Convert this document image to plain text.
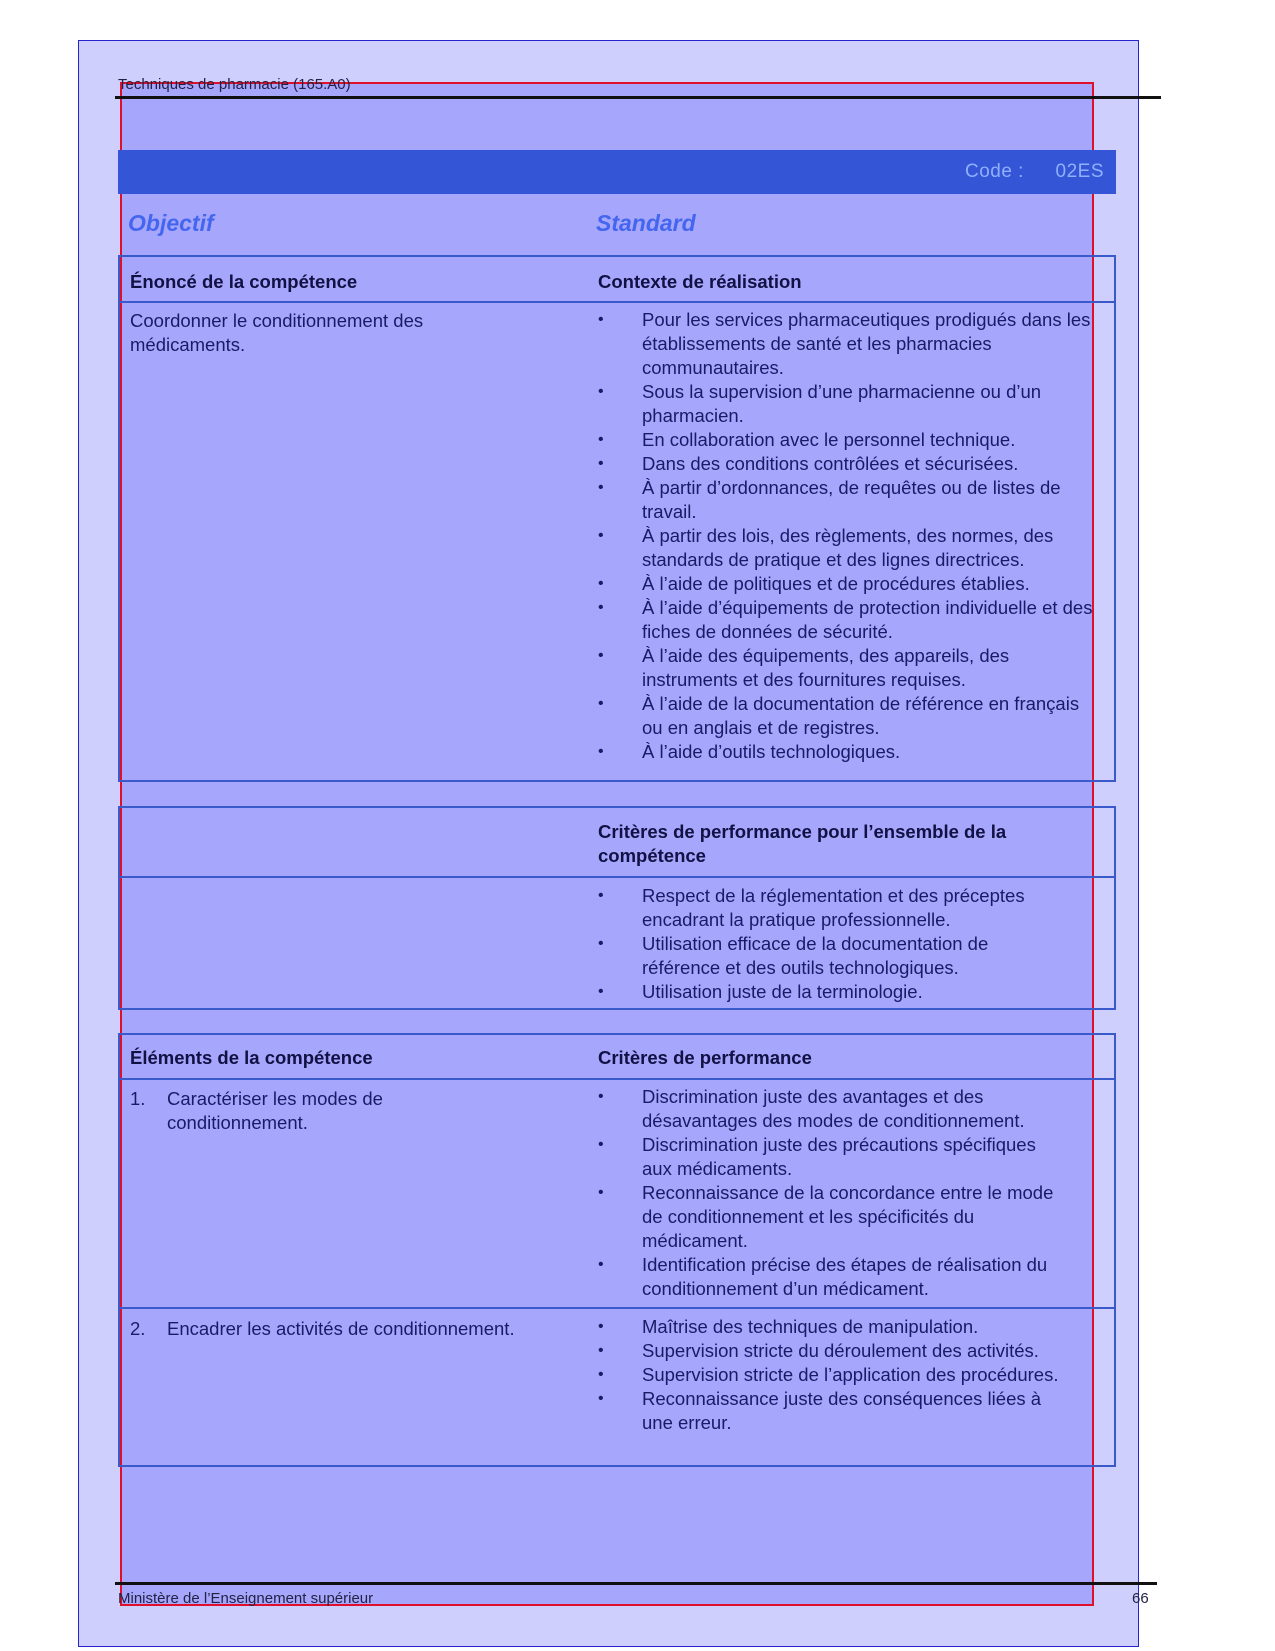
Techniques de pharmacie (165.A0)
Code : 02ES
Objectif	Standard
Énoncé de la compétence	Contexte de réalisation
Coordonner le conditionnement des
médicaments.
• Pour les services pharmaceutiques prodigués dans les établissements de santé et les pharmacies communautaires.
• Sous la supervision d’une pharmacienne ou d’un pharmacien.
• En collaboration avec le personnel technique.
• Dans des conditions contrôlées et sécurisées.
• À partir d’ordonnances, de requêtes ou de listes de travail.
• À partir des lois, des règlements, des normes, des standards de pratique et des lignes directrices.
• À l’aide de politiques et de procédures établies.
• À l’aide d’équipements de protection individuelle et des fiches de données de sécurité.
• À l’aide des équipements, des appareils, des instruments et des fournitures requises.
• À l’aide de la documentation de référence en français ou en anglais et de registres.
• À l’aide d’outils technologiques.
Critères de performance pour l’ensemble de la compétence
• Respect de la réglementation et des préceptes encadrant la pratique professionnelle.
• Utilisation efficace de la documentation de référence et des outils technologiques.
• Utilisation juste de la terminologie.
Éléments de la compétence	Critères de performance
1. Caractériser les modes de conditionnement.
• Discrimination juste des avantages et des désavantages des modes de conditionnement.
• Discrimination juste des précautions spécifiques aux médicaments.
• Reconnaissance de la concordance entre le mode de conditionnement et les spécificités du médicament.
• Identification précise des étapes de réalisation du conditionnement d’un médicament.
2. Encadrer les activités de conditionnement.
•	Maîtrise des techniques de manipulation.
• Supervision stricte du déroulement des activités.
• Supervision stricte de l’application des procédures.
• Reconnaissance juste des conséquences liées à une erreur.
Ministère de l’Enseignement supérieur	66
